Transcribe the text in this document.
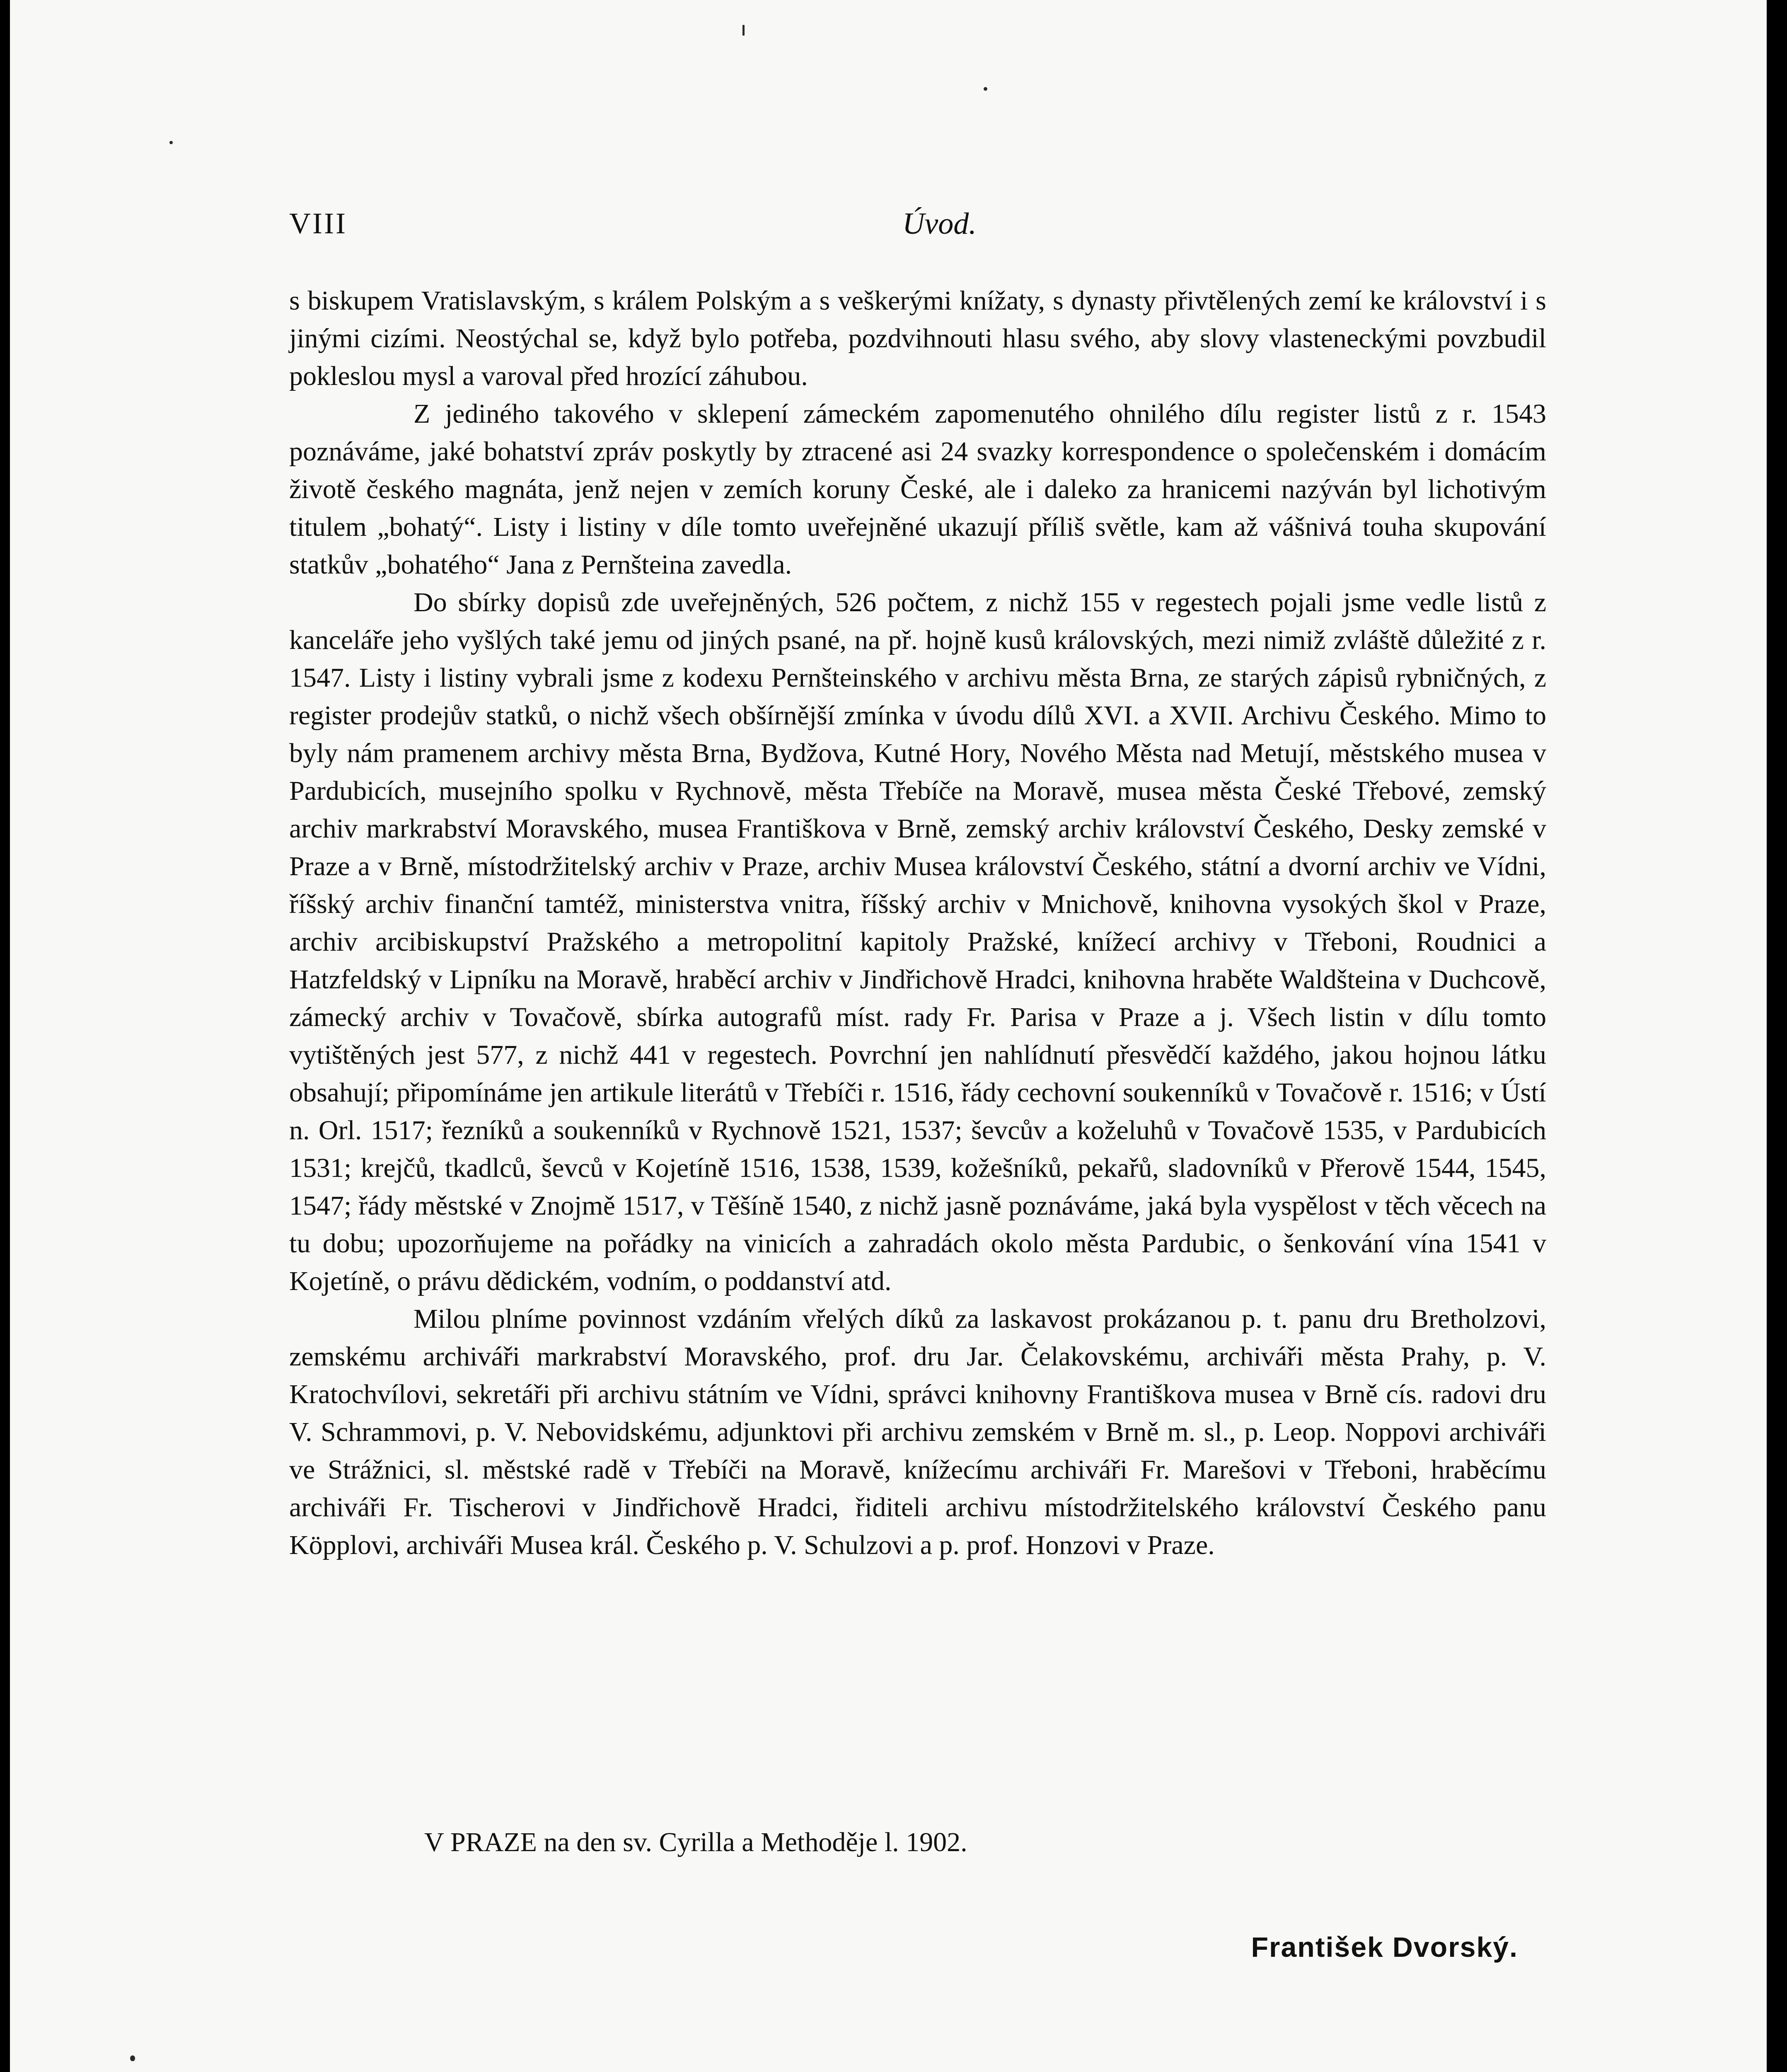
VIII	Úvod.

s biskupem Vratislavským, s králem Polským a s veškerými knížaty, s dynasty přivtělených zemí ke království i s jinými cizími. Neostýchal se, když bylo potřeba, pozdvihnouti hlasu svého, aby slovy vlasteneckými povzbudil pokleslou mysl a varoval před hrozící záhubou.

Z jediného takového v sklepení zámeckém zapomenutého ohnilého dílu register listů z r. 1543 poznáváme, jaké bohatství zpráv poskytly by ztracené asi 24 svazky korrespondence o společenském i domácím životě českého magnáta, jenž nejen v zemích koruny České, ale i daleko za hranicemi nazýván byl lichotivým titulem „bohatý“. Listy i listiny v díle tomto uveřejněné ukazují příliš světle, kam až vášnivá touha skupování statkův „bohatého“ Jana z Pernšteina zavedla.

Do sbírky dopisů zde uveřejněných, 526 počtem, z nichž 155 v regestech pojali jsme vedle listů z kanceláře jeho vyšlých také jemu od jiných psané, na př. hojně kusů královských, mezi nimiž zvláště důležité z r. 1547. Listy i listiny vybrali jsme z kodexu Pernšteinského v archivu města Brna, ze starých zápisů rybničných, z register prodejův statků, o nichž všech obšírnější zmínka v úvodu dílů XVI. a XVII. Archivu Českého. Mimo to byly nám pramenem archivy města Brna, Bydžova, Kutné Hory, Nového Města nad Metují, městského musea v Pardubicích, musejního spolku v Rychnově, města Třebíče na Moravě, musea města České Třebové, zemský archiv markrabství Moravského, musea Františkova v Brně, zemský archiv království Českého, Desky zemské v Praze a v Brně, místodržitelský archiv v Praze, archiv Musea království Českého, státní a dvorní archiv ve Vídni, říšský archiv finanční tamtéž, ministerstva vnitra, říšský archiv v Mnichově, knihovna vysokých škol v Praze, archiv arcibiskupství Pražského a metropolitní kapitoly Pražské, knížecí archivy v Třeboni, Roudnici a Hatzfeldský v Lipníku na Moravě, hraběcí archiv v Jindřichově Hradci, knihovna hraběte Waldšteina v Duchcově, zámecký archiv v Tovačově, sbírka autografů míst. rady Fr. Parisa v Praze a j. Všech listin v dílu tomto vytištěných jest 577, z nichž 441 v regestech. Povrchní jen nahlídnutí přesvědčí každého, jakou hojnou látku obsahují; připomínáme jen artikule literátů v Třebíči r. 1516, řády cechovní soukenníků v Tovačově r. 1516; v Ústí n. Orl. 1517; řezníků a soukenníků v Rychnově 1521, 1537; ševcův a koželuhů v Tovačově 1535, v Pardubicích 1531; krejčů, tkadlců, ševců v Kojetíně 1516, 1538, 1539, kožešníků, pekařů, sladovníků v Přerově 1544, 1545, 1547; řády městské v Znojmě 1517, v Těšíně 1540, z nichž jasně poznáváme, jaká byla vyspělost v těch věcech na tu dobu; upozorňujeme na pořádky na vinicích a zahradách okolo města Pardubic, o šenkování vína 1541 v Kojetíně, o právu dědickém, vodním, o poddanství atd.

Milou plníme povinnost vzdáním vřelých díků za laskavost prokázanou p. t. panu dru Bretholzovi, zemskému archiváři markrabství Moravského, prof. dru Jar. Čelakovskému, archiváři města Prahy, p. V. Kratochvílovi, sekretáři při archivu státním ve Vídni, správci knihovny Františkova musea v Brně cís. radovi dru V. Schrammovi, p. V. Nebovidskému, adjunktovi při archivu zemském v Brně m. sl., p. Leop. Noppovi archiváři ve Strážnici, sl. městské radě v Třebíči na Moravě, knížecímu archiváři Fr. Marešovi v Třeboni, hraběcímu archiváři Fr. Tischerovi v Jindřichově Hradci, řiditeli archivu místodržitelského království Českého panu Köpplovi, archiváři Musea král. Českého p. V. Schulzovi a p. prof. Honzovi v Praze.

V PRAZE na den sv. Cyrilla a Methoděje l. 1902.
František Dvorský.
